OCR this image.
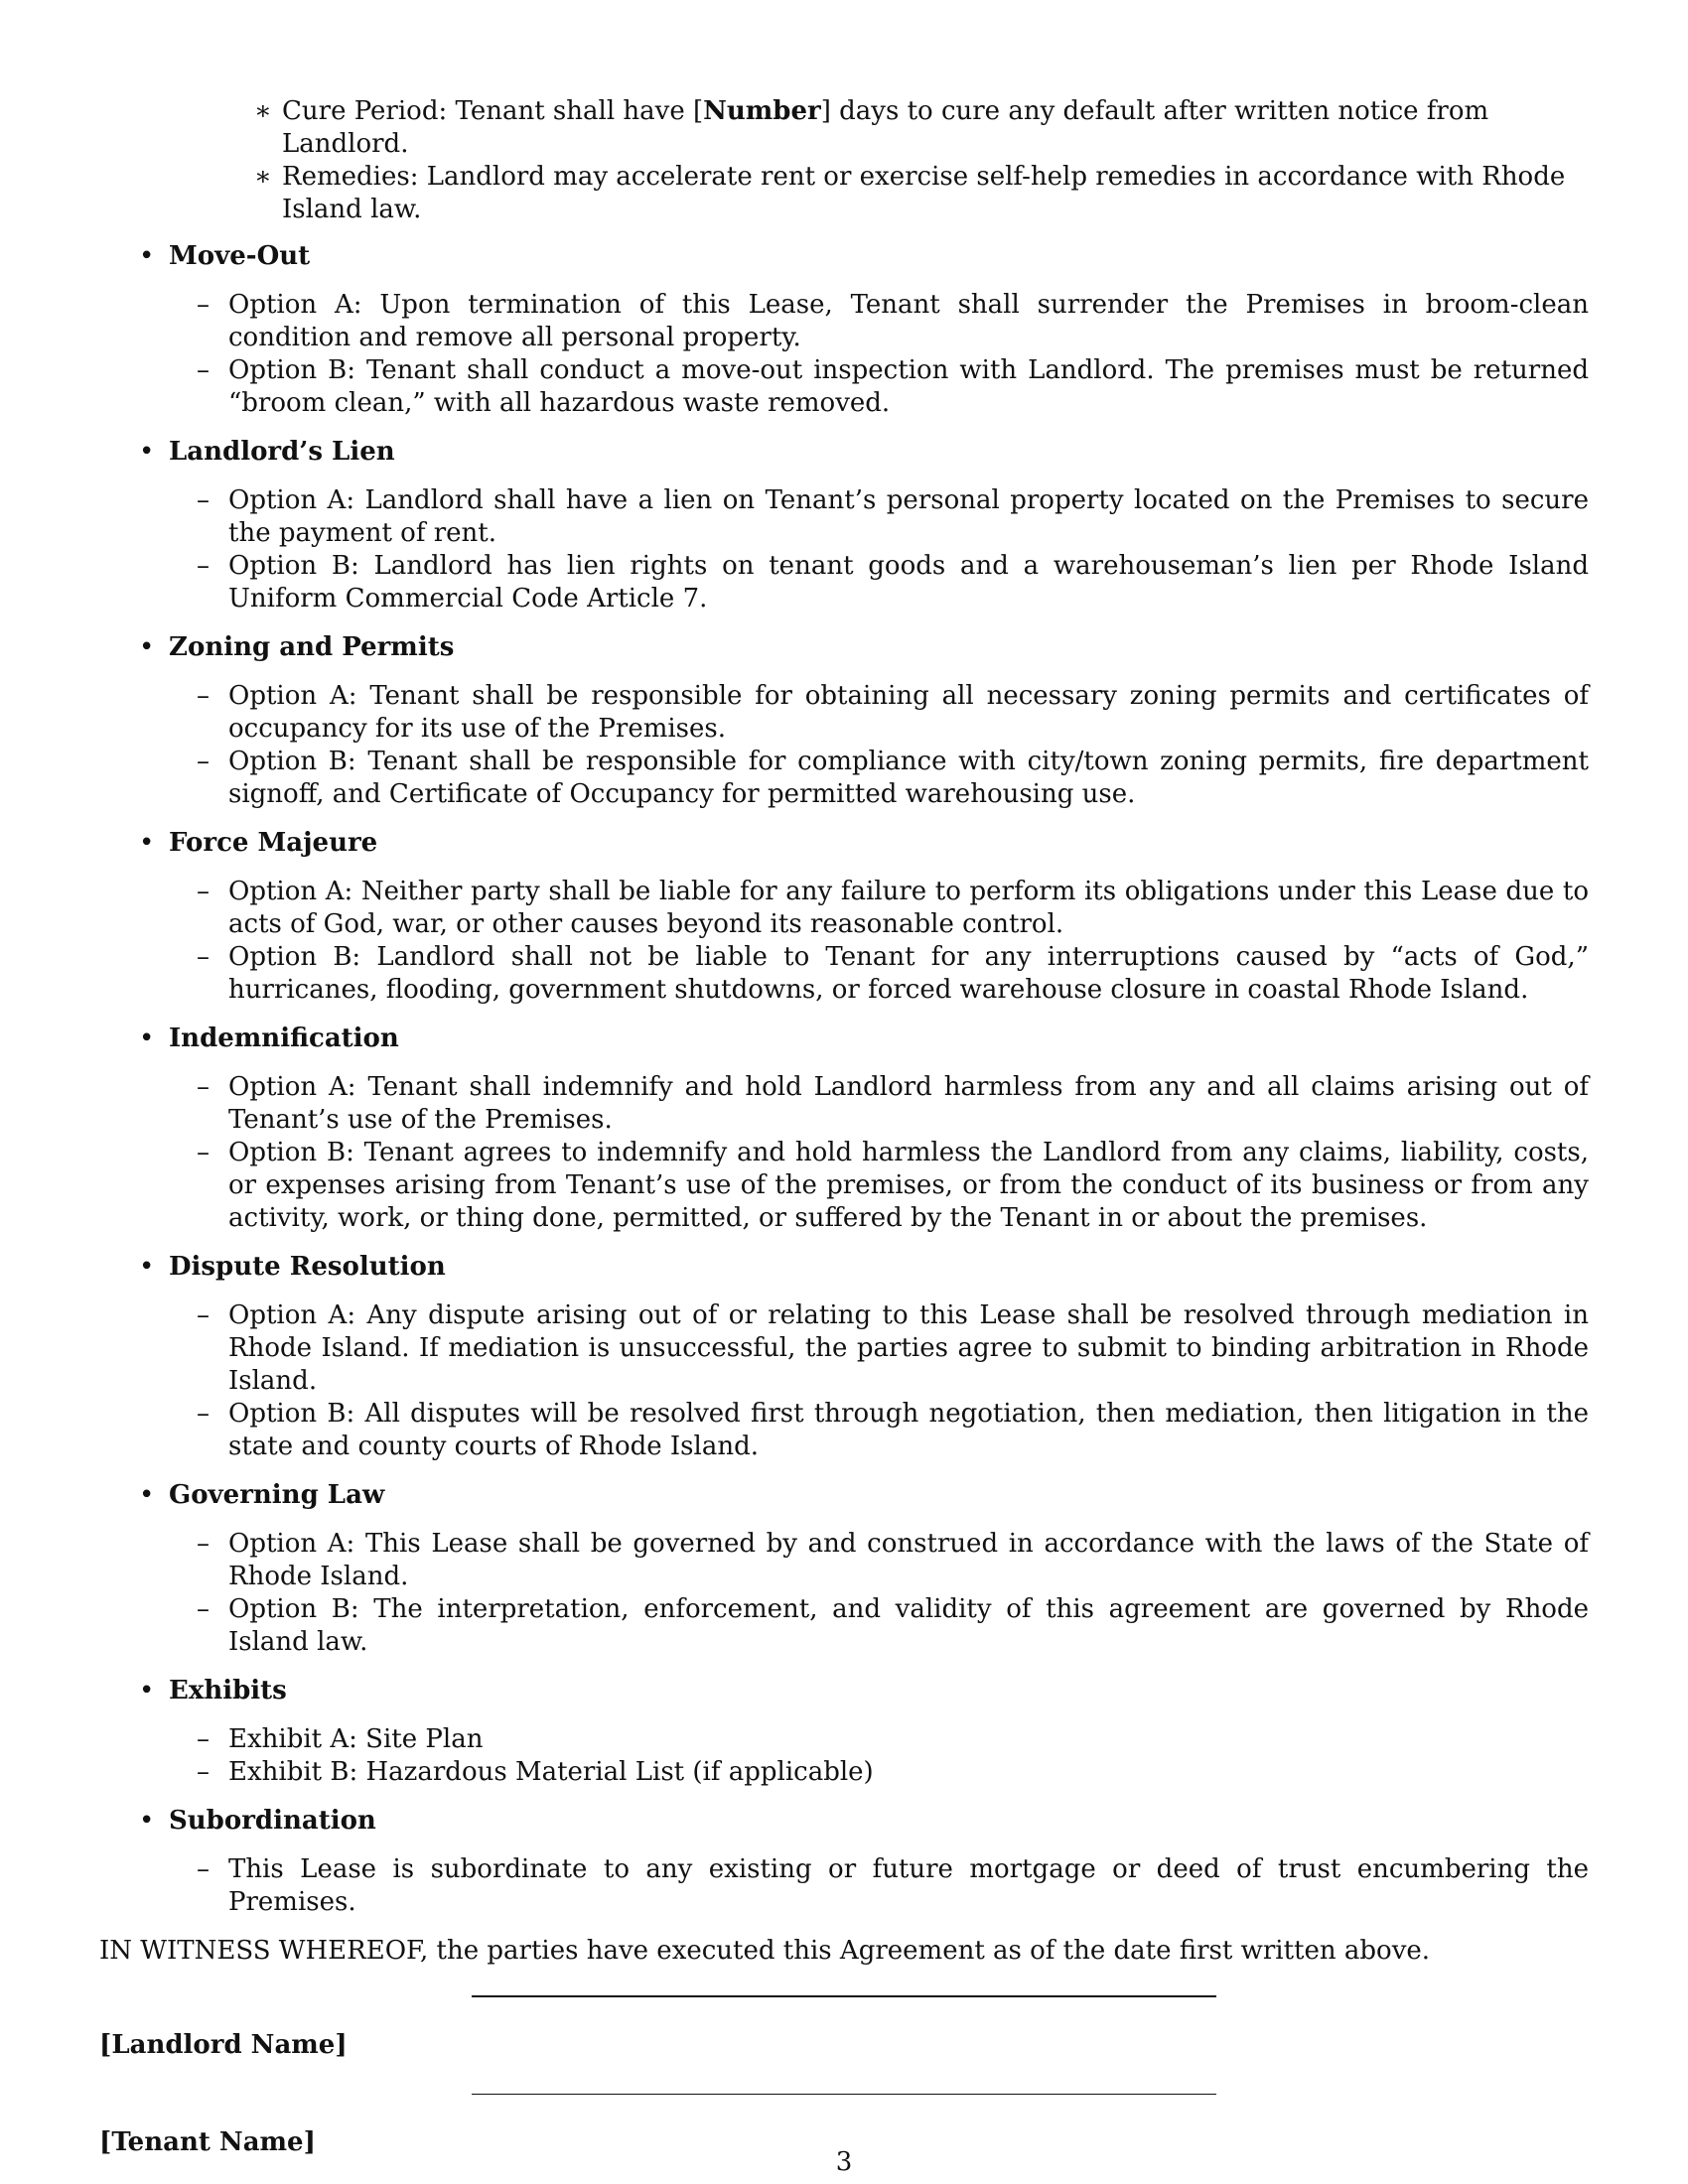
∗ Cure Period: Tenant shall have [Number] days to cure any default after written notice from Landlord.
∗ Remedies: Landlord may accelerate rent or exercise self-help remedies in accordance with Rhode Island law.
• Move-Out
– Option A: Upon termination of this Lease, Tenant shall surrender the Premises in broom-clean condition and remove all personal property.
– Option B: Tenant shall conduct a move-out inspection with Landlord. The premises must be returned “broom clean,” with all hazardous waste removed.
• Landlord’s Lien
– Option A: Landlord shall have a lien on Tenant’s personal property located on the Premises to secure the payment of rent.
– Option B: Landlord has lien rights on tenant goods and a warehouseman’s lien per Rhode Island Uniform Commercial Code Article 7.
• Zoning and Permits
– Option A: Tenant shall be responsible for obtaining all necessary zoning permits and certificates of occupancy for its use of the Premises.
– Option B: Tenant shall be responsible for compliance with city/town zoning permits, fire department signoff, and Certificate of Occupancy for permitted warehousing use.
• Force Majeure
– Option A: Neither party shall be liable for any failure to perform its obligations under this Lease due to acts of God, war, or other causes beyond its reasonable control.
– Option B: Landlord shall not be liable to Tenant for any interruptions caused by “acts of God,” hurricanes, flooding, government shutdowns, or forced warehouse closure in coastal Rhode Island.
• Indemnification
– Option A: Tenant shall indemnify and hold Landlord harmless from any and all claims arising out of Tenant’s use of the Premises.
– Option B: Tenant agrees to indemnify and hold harmless the Landlord from any claims, liability, costs, or expenses arising from Tenant’s use of the premises, or from the conduct of its business or from any activity, work, or thing done, permitted, or suffered by the Tenant in or about the premises.
• Dispute Resolution
– Option A: Any dispute arising out of or relating to this Lease shall be resolved through mediation in Rhode Island. If mediation is unsuccessful, the parties agree to submit to binding arbitration in Rhode Island.
– Option B: All disputes will be resolved first through negotiation, then mediation, then litigation in the state and county courts of Rhode Island.
• Governing Law
– Option A: This Lease shall be governed by and construed in accordance with the laws of the State of Rhode Island.
– Option B: The interpretation, enforcement, and validity of this agreement are governed by Rhode Island law.
• Exhibits
– Exhibit A: Site Plan
– Exhibit B: Hazardous Material List (if applicable)
• Subordination
– This Lease is subordinate to any existing or future mortgage or deed of trust encumbering the Premises.

IN WITNESS WHEREOF, the parties have executed this Agreement as of the date first written above.

[Landlord Name]
[Tenant Name]
3
